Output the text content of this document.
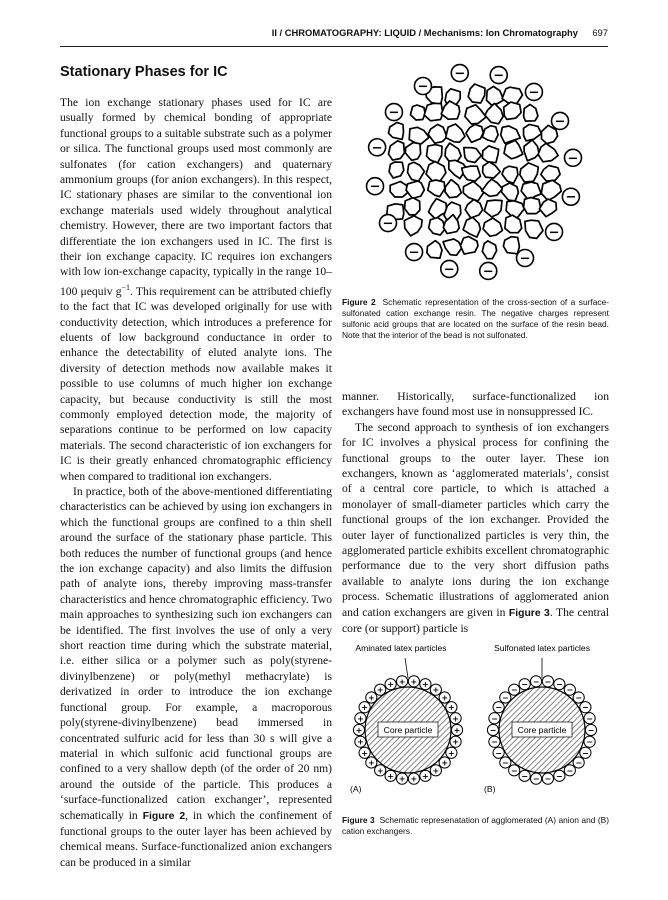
II / CHROMATOGRAPHY: LIQUID / Mechanisms: Ion Chromatography 697
Stationary Phases for IC

The ion exchange stationary phases used for IC are usually formed by chemical bonding of appropriate functional groups to a suitable substrate such as a polymer or silica. The functional groups used most commonly are sulfonates (for cation exchangers) and quaternary ammonium groups (for anion exchangers). In this respect, IC stationary phases are similar to the conventional ion exchange materials used widely throughout analytical chemistry. However, there are two important factors that differentiate the ion exchangers used in IC. The first is their ion exchange capacity. IC requires ion exchangers with low ion-exchange capacity, typically in the range 10–100 μequiv $g^{-1}$. This requirement can be attributed chiefly to the fact that IC was developed originally for use with conductivity detection, which introduces a preference for eluents of low background conductance in order to enhance the detectability of eluted analyte ions. The diversity of detection methods now available makes it possible to use columns of much higher ion exchange capacity, but because conductivity is still the most commonly employed detection mode, the majority of separations continue to be performed on low capacity materials. The second characteristic of ion exchangers for IC is their greatly enhanced chromatographic efficiency when compared to traditional ion exchangers.

In practice, both of the above-mentioned differentiating characteristics can be achieved by using ion exchangers in which the functional groups are confined to a thin shell around the surface of the stationary phase particle. This both reduces the number of functional groups (and hence the ion exchange capacity) and also limits the diffusion path of analyte ions, thereby improving mass-transfer characteristics and hence chromatographic efficiency. Two main approaches to synthesizing such ion exchangers can be identified. The first involves the use of only a very short reaction time during which the substrate material, i.e. either silica or a polymer such as poly(styrene-divinylbenzene) or poly(methyl methacrylate) is derivatized in order to introduce the ion exchange functional group. For example, a macroporous poly(styrene-divinylbenzene) bead immersed in concentrated sulfuric acid for less than 30 s will give a material in which sulfonic acid functional groups are confined to a very shallow depth (of the order of 20 nm) around the outside of the particle. This produces a ‘surface-functionalized cation exchanger’, represented schematically in Figure 2, in which the confinement of functional groups to the outer layer has been achieved by chemical means. Surface-functionalized anion exchangers can be produced in a similar

−
−
−
−
−
−
−
−
−
−
−
−
−
−
−
−
Figure 2 Schematic representation of the cross-section of a surface-sulfonated cation exchange resin. The negative charges represent sulfonic acid groups that are located on the surface of the resin bead. Note that the interior of the bead is not sulfonated.

manner. Historically, surface-functionalized ion exchangers have found most use in nonsuppressed IC.

The second approach to synthesis of ion exchangers for IC involves a physical process for confining the functional groups to the outer layer. These ion exchangers, known as ‘agglomerated materials’, consist of a central core particle, to which is attached a monolayer of small-diameter particles which carry the functional groups of the ion exchanger. Provided the outer layer of functionalized particles is very thin, the agglomerated particle exhibits excellent chromatographic performance due to the very short diffusion paths available to analyte ions during the ion exchange process. Schematic illustrations of agglomerated anion and cation exchangers are given in Figure 3. The central core (or support) particle is

Aminated latex particles	Sulfonated latex particles
+
+
+
+
+
+
+
+
+
+
+
+
+
+
+
+
+
+
+ + + +
+
+
+
+
Core particle	−
−
−
−
−
−
−
−
−
−
−
−
−
−
−
−
−
−
− − − −
−
−
−
−
Core particle
(A)	(B)
Figure 3 Schematic represenatation of agglomerated (A) anion and (B) cation exchangers.
